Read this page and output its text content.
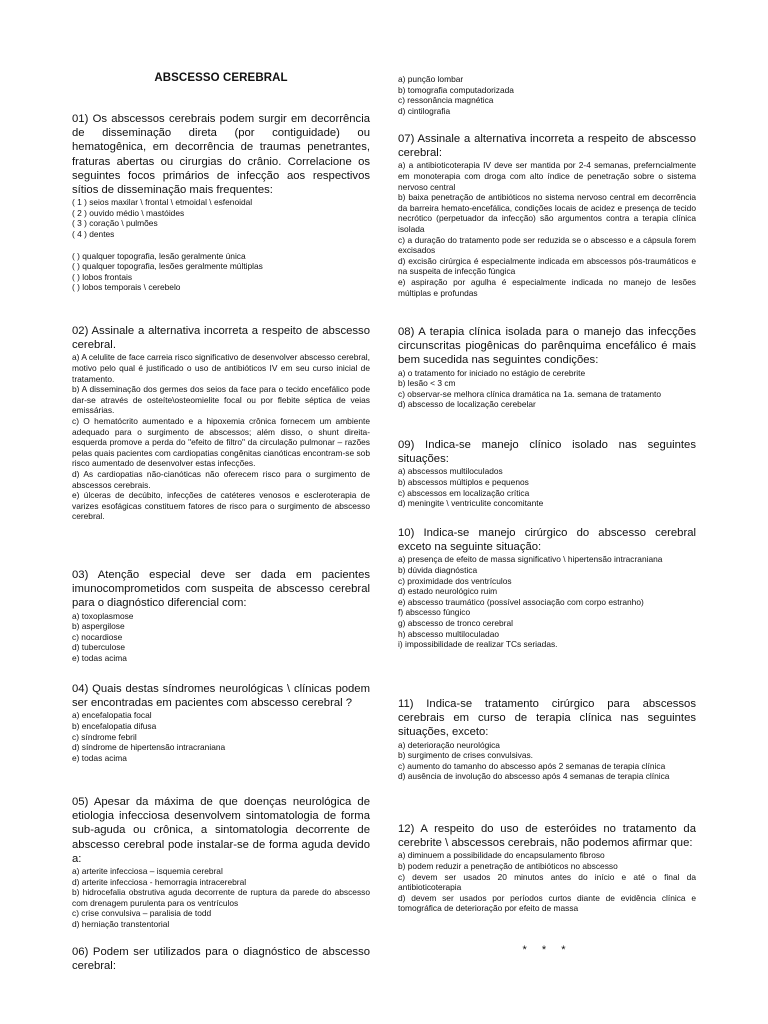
ABSCESSO CEREBRAL

01) Os abscessos cerebrais podem surgir em decorrência de disseminação direta (por contiguidade) ou hematogênica, em decorrência de traumas penetrantes, fraturas abertas ou cirurgias do crânio. Correlacione os seguintes focos primários de infecção aos respectivos sítios de disseminação mais frequentes:

( 1 ) seios maxilar \ frontal \ etmoidal \ esfenoidal
( 2 ) ouvido médio \ mastóides
( 3 ) coração \ pulmões
( 4 ) dentes
( ) qualquer topografia, lesão geralmente única
( ) qualquer topografia, lesões geralmente múltiplas
( ) lobos frontais
( ) lobos temporais \ cerebelo

02) Assinale a alternativa incorreta a respeito de abscesso cerebral.

a) A celulite de face carreia risco significativo de desenvolver abscesso cerebral, motivo pelo qual é justificado o uso de antibióticos IV em seu curso inicial de tratamento.
b) A disseminação dos germes dos seios da face para o tecido encefálico pode dar-se através de osteíte\osteomielite focal ou por flebite séptica de veias emissárias.
c) O hematócrito aumentado e a hipoxemia crônica fornecem um ambiente adequado para o surgimento de abscessos; além disso, o shunt direita- esquerda promove a perda do "efeito de filtro" da circulação pulmonar – razões pelas quais pacientes com cardiopatias congênitas cianóticas encontram-se sob risco aumentado de desenvolver estas infecções.
d) As cardiopatias não-cianóticas não oferecem risco para o surgimento de abscessos cerebrais.
e) úlceras de decúbito, infecções de catéteres venosos e escleroterapia de varizes esofágicas constituem fatores de risco para o surgimento de abscesso cerebral.

03) Atenção especial deve ser dada em pacientes imunocomprometidos com suspeita de abscesso cerebral para o diagnóstico diferencial com:

a) toxoplasmose
b) aspergilose
c) nocardiose
d) tuberculose
e) todas acima

04) Quais destas síndromes neurológicas \ clínicas podem ser encontradas em pacientes com abscesso cerebral ?

a) encefalopatia focal
b) encefalopatia difusa
c) síndrome febril
d) síndrome de hipertensão intracraniana
e) todas acima

05) Apesar da máxima de que doenças neurológica de etiologia infecciosa desenvolvem sintomatologia de forma sub-aguda ou crônica, a sintomatologia decorrente de abscesso cerebral pode instalar-se de forma aguda devido a:

a) arterite infecciosa – isquemia cerebral
d) arterite infecciosa - hemorragia intracerebral
b) hidrocefalia obstrutiva aguda decorrente de ruptura da parede do abscesso com drenagem purulenta para os ventrículos
c) crise convulsiva – paralisia de todd
d) herniação transtentorial

06) Podem ser utilizados para o diagnóstico de abscesso cerebral:

a) punção lombar
b) tomografia computadorizada
c) ressonância magnética
d) cintilografia

07) Assinale a alternativa incorreta a respeito de abscesso cerebral:

a) a antibioticoterapia IV deve ser mantida por 2-4 semanas, preferncialmente em monoterapia com droga com alto índice de penetração sobre o sistema nervoso central
b) baixa penetração de antibióticos no sistema nervoso central em decorrência da barreira hemato-encefálica, condições locais de acidez e presença de tecido necrótico (perpetuador da infecção) são argumentos contra a terapia clínica isolada
c) a duração do tratamento pode ser reduzida se o abscesso e a cápsula forem excisados
d) excisão cirúrgica é especialmente indicada em abscessos pós-traumáticos e na suspeita de infecção fúngica
e) aspiração por agulha é especialmente indicada no manejo de lesões múltiplas e profundas

08) A terapia clínica isolada para o manejo das infecções circunscritas piogênicas do parênquima encefálico é mais bem sucedida nas seguintes condições:

a) o tratamento for iniciado no estágio de cerebrite
b) lesão < 3 cm
c) observar-se melhora clínica dramática na 1a. semana de tratamento
d) abscesso de localização cerebelar

09) Indica-se manejo clínico isolado nas seguintes situações:

a) abscessos multiloculados
b) abscessos múltiplos e pequenos
c) abscessos em localização crítica
d) meningite \ ventriculite concomitante

10) Indica-se manejo cirúrgico do abscesso cerebral exceto na seguinte situação:

a) presença de efeito de massa significativo \ hipertensão intracraniana
b) dúvida diagnóstica
c) proximidade dos ventrículos
d) estado neurológico ruim
e) abscesso traumático (possível associação com corpo estranho)
f) abscesso fúngico
g) abscesso de tronco cerebral
h) abscesso multiloculadao
i) impossibilidade de realizar TCs seriadas.

11) Indica-se tratamento cirúrgico para abscessos cerebrais em curso de terapia clínica nas seguintes situações, exceto:

a) deterioração neurológica
b) surgimento de crises convulsivas.
c) aumento do tamanho do abscesso após 2 semanas de terapia clínica
d) ausência de involução do abscesso após 4 semanas de terapia clínica

12) A respeito do uso de esteróides no tratamento da cerebrite \ abscessos cerebrais, não podemos afirmar que:

a) diminuem a possibilidade do encapsulamento fibroso
b) podem reduzir a penetração de antibióticos no abscesso
c) devem ser usados 20 minutos antes do início e até o final da antibioticoterapia
d) devem ser usados por períodos curtos diante de evidência clínica e tomográfica de deterioração por efeito de massa
* * *
